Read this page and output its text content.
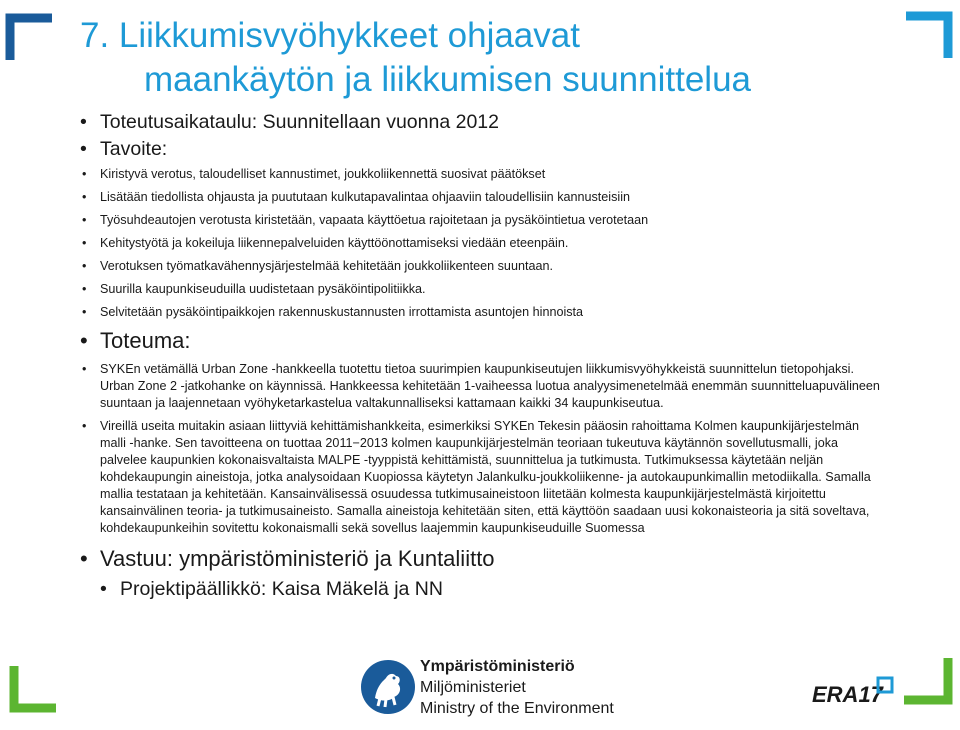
7. Liikkumisvyöhykkeet ohjaavat
maankäytön ja liikkumisen suunnittelua
• Toteutusaikataulu: Suunnitellaan vuonna 2012
• Tavoite:
• Kiristyvä verotus, taloudelliset kannustimet, joukkoliikennettä suosivat päätökset
• Lisätään tiedollista ohjausta ja puututaan kulkutapavalintaa ohjaaviin taloudellisiin kannusteisiin
• Työsuhdeautojen verotusta kiristetään, vapaata käyttöetua rajoitetaan ja pysäköintietua verotetaan
• Kehitystyötä ja kokeiluja liikennepalveluiden käyttöönottamiseksi viedään eteenpäin.
• Verotuksen työmatkavähennysjärjestelmää kehitetään joukkoliikenteen suuntaan.
• Suurilla kaupunkiseuduilla uudistetaan pysäköintipolitiikka.
• Selvitetään pysäköintipaikkojen rakennuskustannusten irrottamista asuntojen hinnoista
• Toteuma:
• SYKEn vetämällä Urban Zone -hankkeella tuotettu tietoa suurimpien kaupunkiseutujen liikkumisvyöhykkeistä suunnittelun tietopohjaksi. Urban Zone 2 -jatkohanke on käynnissä. Hankkeessa kehitetään 1-vaiheessa luotua analyysimenetelmää enemmän suunnitteluapuvälineen suuntaan ja laajennetaan vyöhyketarkastelua valtakunnalliseksi kattamaan kaikki 34 kaupunkiseutua.
• Vireillä useita muitakin asiaan liittyviä kehittämishankkeita, esimerkiksi SYKEn Tekesin pääosin rahoittama Kolmen kaupunkijärjestelmän malli -hanke. Sen tavoitteena on tuottaa 2011−2013 kolmen kaupunkijärjestelmän teoriaan tukeutuva käytännön sovellutusmalli, joka palvelee kaupunkien kokonaisvaltaista MALPE -tyyppistä kehittämistä, suunnittelua ja tutkimusta. Tutkimuksessa käytetään neljän kohdekaupungin aineistoja, jotka analysoidaan Kuopiossa käytetyn Jalankulku-joukkoliikenne- ja autokaupunkimallin metodiikalla. Samalla mallia testataan ja kehitetään. Kansainvälisessä osuudessa tutkimusaineistoon liitetään kolmesta kaupunkijärjestelmästä kirjoitettu kansainvälinen teoria- ja tutkimusaineisto. Samalla aineistoja kehitetään siten, että käyttöön saadaan uusi kokonaisteoria ja sitä soveltava, kohdekaupunkeihin sovitettu kokonaismalli sekä sovellus laajemmin kaupunkiseuduille Suomessa
• Vastuu: ympäristöministeriö ja Kuntaliitto
• Projektipäällikkö: Kaisa Mäkelä ja NN
Ympäristöministeriö
Miljöministeriet
Ministry of the Environment
ERA17
